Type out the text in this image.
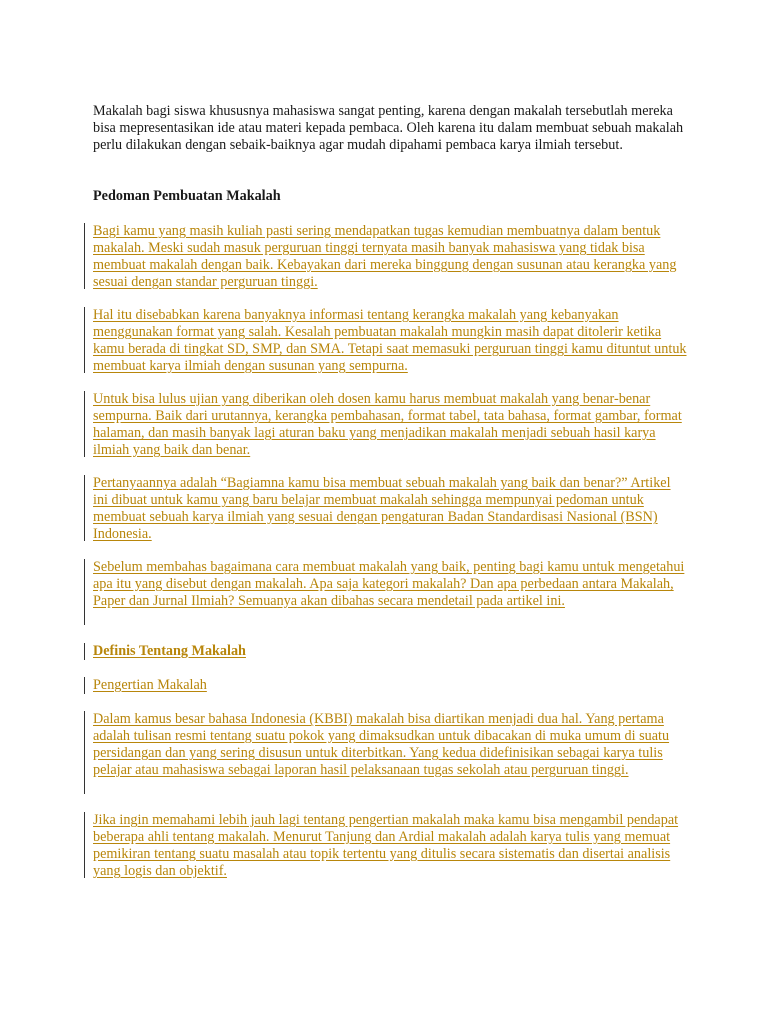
Makalah bagi siswa khususnya mahasiswa sangat penting, karena dengan makalah tersebutlah mereka bisa mepresentasikan ide atau materi kepada pembaca. Oleh karena itu dalam membuat sebuah makalah perlu dilakukan dengan sebaik-baiknya agar mudah dipahami pembaca karya ilmiah tersebut.

Pedoman Pembuatan Makalah

Bagi kamu yang masih kuliah pasti sering mendapatkan tugas kemudian membuatnya dalam bentuk makalah. Meski sudah masuk perguruan tinggi ternyata masih banyak mahasiswa yang tidak bisa membuat makalah dengan baik. Kebayakan dari mereka binggung dengan susunan atau kerangka yang sesuai dengan standar perguruan tinggi.

Hal itu disebabkan karena banyaknya informasi tentang kerangka makalah yang kebanyakan menggunakan format yang salah. Kesalah pembuatan makalah mungkin masih dapat ditolerir ketika kamu berada di tingkat SD, SMP, dan SMA. Tetapi saat memasuki perguruan tinggi kamu dituntut untuk membuat karya ilmiah dengan susunan yang sempurna.

Untuk bisa lulus ujian yang diberikan oleh dosen kamu harus membuat makalah yang benar-benar sempurna. Baik dari urutannya, kerangka pembahasan, format tabel, tata bahasa, format gambar, format halaman, dan masih banyak lagi aturan baku yang menjadikan makalah menjadi sebuah hasil karya ilmiah yang baik dan benar.

Pertanyaannya adalah “Bagiamna kamu bisa membuat sebuah makalah yang baik dan benar?” Artikel ini dibuat untuk kamu yang baru belajar membuat makalah sehingga mempunyai pedoman untuk membuat sebuah karya ilmiah yang sesuai dengan pengaturan Badan Standardisasi Nasional (BSN) Indonesia.

Sebelum membahas bagaimana cara membuat makalah yang baik, penting bagi kamu untuk mengetahui apa itu yang disebut dengan makalah. Apa saja kategori makalah? Dan apa perbedaan antara Makalah, Paper dan Jurnal Ilmiah? Semuanya akan dibahas secara mendetail pada artikel ini.

Definis Tentang Makalah

Pengertian Makalah

Dalam kamus besar bahasa Indonesia (KBBI) makalah bisa diartikan menjadi dua hal. Yang pertama adalah tulisan resmi tentang suatu pokok yang dimaksudkan untuk dibacakan di muka umum di suatu persidangan dan yang sering disusun untuk diterbitkan. Yang kedua didefinisikan sebagai karya tulis pelajar atau mahasiswa sebagai laporan hasil pelaksanaan tugas sekolah atau perguruan tinggi.

Jika ingin memahami lebih jauh lagi tentang pengertian makalah maka kamu bisa mengambil pendapat beberapa ahli tentang makalah. Menurut Tanjung dan Ardial makalah adalah karya tulis yang memuat pemikiran tentang suatu masalah atau topik tertentu yang ditulis secara sistematis dan disertai analisis yang logis dan objektif.
